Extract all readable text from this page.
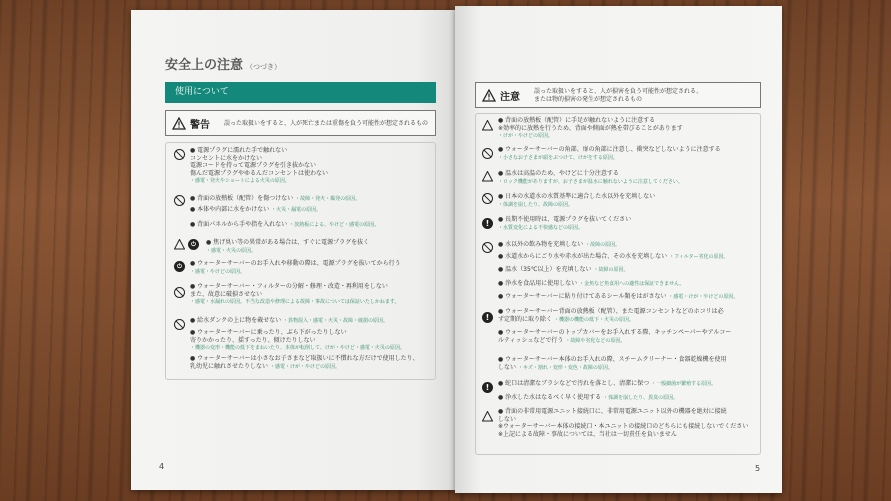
安全上の注意 （つづき）
使用について
警告 誤った取扱いをすると、人が死亡または重傷を負う可能性が想定されるもの
● 電源プラグに濡れた手で触れない
コンセントに水をかけない
電源コードを持って電源プラグを引き抜かない
傷んだ電源プラグやゆるんだコンセントは使わない
・感電・発火やショートによる火災の原因。
● 背面の放熱板（配管）を傷つけない ・故障・発火・爆発の原因。
● 本体や内部に水をかけない ・火災・漏電の原因。
● 背面パネルから手や指を入れない ・放熱板による、やけど・感電の原因。
⏻	● 焦げ臭い等の異常がある場合は、すぐに電源プラグを抜く
・感電・火災の原因。
⏻	● ウォーターサーバーのお手入れや移動の際は、電源プラグを抜いてから行う
・感電・やけどの原因。
● ウォーターサーバー・フィルターの分解・修理・改造・再利用をしない
また、故意に破損させない
・感電・水漏れの原因。不当な改造や修理による故障・事故については保証いたしかねます。
● 給水ダンクの上に物を載せない ・異物混入・感電・火災・故障・破損の原因。
● ウォーターサーバーに乗ったり、ぶら下がったりしない
寄りかかったり、揺すったり、傾けたりしない
・機器の変形・機能の低下をまねいたり、本体が転倒して、けが・やけど・感電・火災の原因。
● ウォーターサーバーは小さなお子さまなど取扱いに不慣れな方だけで使用したり、
乳幼児に触れさせたりしない ・感電・けが・やけどの原因。
4
注意
誤った取扱いをすると、人が損害を負う可能性が想定される、
または物的損害の発生が想定されるもの
● 背面の放熱板（配管）に手足が触れないように注意する
※効率的に放熱を行うため、背面や側面が熱を帯びることがあります
・けが・やけどの原因。
● ウォーターサーバーの角部、扉の角部に注意し、衝突などしないように注意する
・小さなお子さまが頭をぶつけて、けがをする原因。
● 温水は高温のため、やけどに十分注意する
・ロック機能がありますが、お子さまが温水に触れないように注意してください。
● 日本の水道水の水質基準に適合した水以外を充填しない
・体調を崩したり、故障の原因。
!	● 長期不使用時は、電源プラグを抜いてください
・水質変化による不快感などの原因。
● 水以外の飲み物を充填しない ・故障の原因。
● 水道水からにごり水や赤水が出た場合、その水を充填しない ・フィルター劣化の原因。
● 温水（35℃以上）を充填しない ・故障の原因。
● 浄水を食品用に使用しない ・金魚など魚食用への適性は保証できません。
● ウォーターサーバーに貼り付けてあるシール類をはがさない ・感電・けが・やけどの原因。
!
● ウォーターサーバー背面の放熱板（配管）、また電源コンセントなどのホコリは必
ず定期的に取り除く ・機器の機能の低下・火災の原因。
● ウォーターサーバーのトップカバーをお手入れする際、キッチンペーパーやアルコー
ルティッシュなどで行う ・故障や劣化などの原因。
● ウォーターサーバー本体のお手入れの際、スチームクリーナー・食器乾燥機を使用
しない ・キズ・割れ・変形・変色・故障の原因。
!	● 蛇口は清潔なブラシなどで汚れを落とし、清潔に保つ ・一般細菌が繁殖する原因。
● 浄水した水はなるべく早く使用する ・体調を崩したり、異臭の原因。
● 背面の非常用電源ユニット接続口に、非常用電源ユニット以外の機器を絶対に接続
しない
※ウォーターサーバー本体の接続口・本ユニットの接続口のどちらにも接続しないでください
※上記による故障・事故については、当社は一切責任を負いません
5
